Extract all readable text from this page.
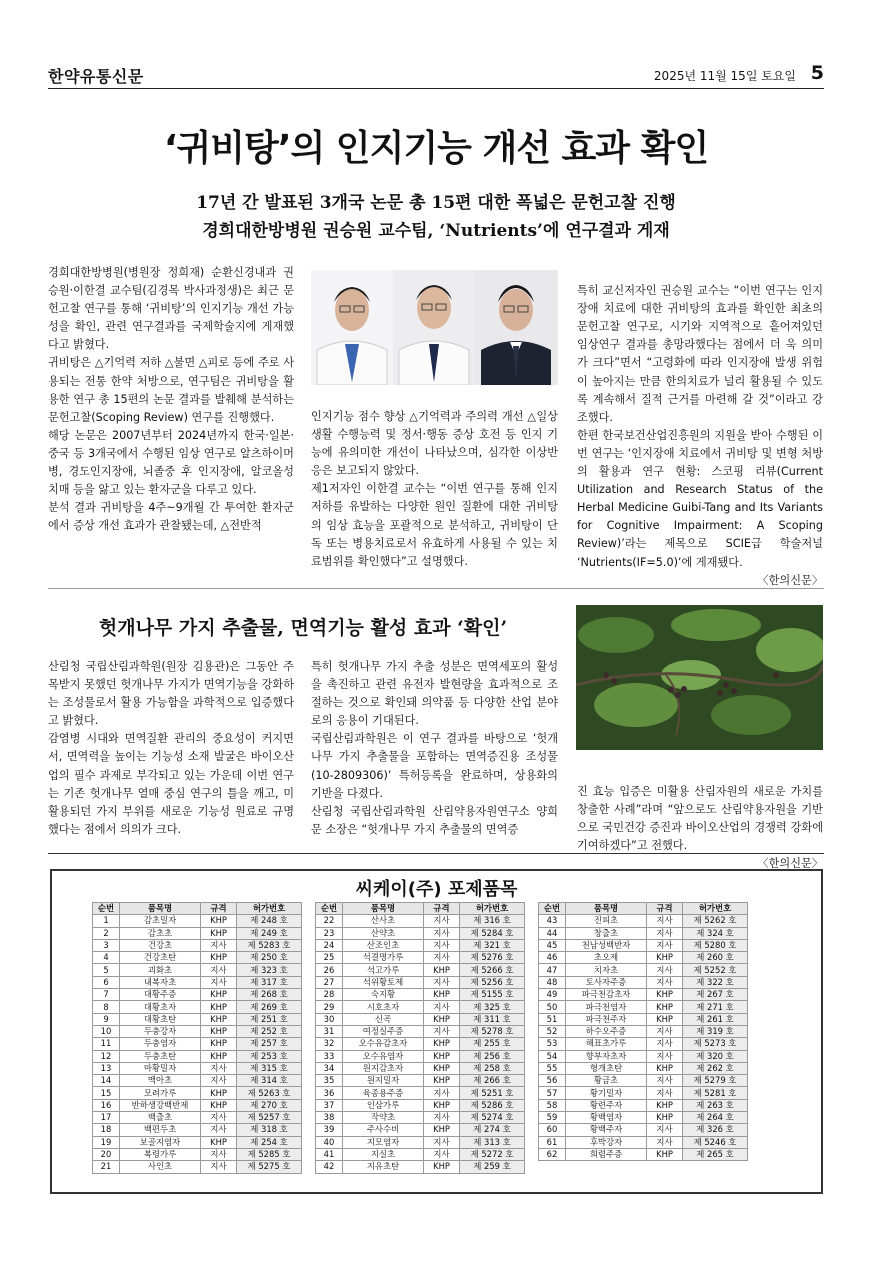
한약유통신문	2025년 11월 15일 토요일 5
‘귀비탕’의 인지기능 개선 효과 확인
17년 간 발표된 3개국 논문 총 15편 대한 폭넓은 문헌고찰 진행
경희대한방병원 권승원 교수팀, ‘Nutrients’에 연구결과 게재
경희대한방병원(병원장 정희재) 순환신경내과 권승원·이한결 교수팀(김경목 박사과정생)은 최근 문헌고찰 연구를 통해 ‘귀비탕’의 인지기능 개선 가능성을 확인, 관련 연구결과를 국제학술지에 게재했다고 밝혔다.
귀비탕은 △기억력 저하 △불면 △피로 등에 주로 사용되는 전통 한약 처방으로, 연구팀은 귀비탕을 활용한 연구 총 15편의 논문 결과를 발췌해 분석하는 문헌고찰(Scoping Review) 연구를 진행했다.
해당 논문은 2007년부터 2024년까지 한국·일본·중국 등 3개국에서 수행된 임상 연구로 알츠하이머병, 경도인지장애, 뇌졸중 후 인지장애, 알코올성 치매 등을 앓고 있는 환자군을 다루고 있다.
분석 결과 귀비탕을 4주~9개월 간 투여한 환자군에서 증상 개선 효과가 관찰됐는데, △전반적
인지기능 점수 향상 △기억력과 주의력 개선 △일상생활 수행능력 및 정서·행동 증상 호전 등 인지 기능에 유의미한 개선이 나타났으며, 심각한 이상반응은 보고되지 않았다.
제1저자인 이한결 교수는 “이번 연구를 통해 인지 저하를 유발하는 다양한 원인 질환에 대한 귀비탕의 임상 효능을 포괄적으로 분석하고, 귀비탕이 단독 또는 병용치료로서 유효하게 사용될 수 있는 치료범위를 확인했다”고 설명했다.

특히 교신저자인 권승원 교수는 “이번 연구는 인지장애 치료에 대한 귀비탕의 효과를 확인한 최초의 문헌고찰 연구로, 시기와 지역적으로 흩어져있던 임상연구 결과를 총망라했다는 점에서 더 욱 의미가 크다”면서 “고령화에 따라 인지장애 발생 위험이 높아지는 만큼 한의치료가 널리 활용될 수 있도록 계속해서 질적 근거를 마련해 갈 것”이라고 강조했다.
한편 한국보건산업진흥원의 지원을 받아 수행된 이번 연구는 ‘인지장애 치료에서 귀비탕 및 변형 처방의 활용과 연구 현황: 스코핑 리뷰(Current Utilization and Research Status of the Herbal Medicine Guibi-Tang and Its Variants for Cognitive Impairment: A Scoping Review)’라는 제목으로 SCIE급 학술저널 ‘Nutrients(IF=5.0)’에 게재됐다.

〈한의신문〉

헛개나무 가지 추출물, 면역기능 활성 효과 ‘확인’
산림청 국립산림과학원(원장 김용관)은 그동안 주목받지 못했던 헛개나무 가지가 면역기능을 강화하는 조성물로서 활용 가능함을 과학적으로 입증했다고 밝혔다.
감염병 시대와 면역질환 관리의 중요성이 커지면서, 면역력을 높이는 기능성 소재 발굴은 바이오산업의 필수 과제로 부각되고 있는 가운데 이번 연구는 기존 헛개나무 열매 중심 연구의 틀을 깨고, 미활용되던 가지 부위를 새로운 기능성 원료로 규명했다는 점에서 의의가 크다.
특히 헛개나무 가지 추출 성분은 면역세포의 활성을 촉진하고 관련 유전자 발현량을 효과적으로 조절하는 것으로 확인돼 의약품 등 다양한 산업 분야로의 응용이 기대된다.
국립산림과학원은 이 연구 결과를 바탕으로 ‘헛개나무 가지 추출물을 포함하는 면역증진용 조성물(10-2809306)’ 특허등록을 완료하며, 상용화의 기반을 다졌다.
산림청 국립산림과학원 산림약용자원연구소 양희문 소장은 “헛개나무 가지 추출물의 면역증

진 효능 입증은 미활용 산림자원의 새로운 가치를 창출한 사례”라며 “앞으로도 산림약용자원을 기반으로 국민건강 증진과 바이오산업의 경쟁력 강화에 기여하겠다”고 전했다.

〈한의신문〉

씨케이(주) 포제품목
순번	품목명	규격	허가번호
1	감초밀자	KHP	제 248 호
2	감초초	KHP	제 249 호
3	건강초	지사	제 5283 호
4	건강초탄	KHP	제 250 호
5	괴화초	지사	제 323 호
6	내복자초	지사	제 317 호
7	대황주증	KHP	제 268 호
8	대황초자	KHP	제 269 호
9	대황초탄	KHP	제 251 호
10	두충강자	KHP	제 252 호
11	두충염자	KHP	제 257 호
12	두충초탄	KHP	제 253 호
13	마황밀자	지사	제 315 호
14	맥아초	지사	제 314 호
15	모려가루	KHP	제 5263 호
16	반하생강백반제	KHP	제 270 호
17	백출초	지사	제 5257 호
18	백편두초	지사	제 318 호
19	보골지염자	KHP	제 254 호
20	복령가루	지사	제 5285 호
21	사인초	지사	제 5275 호
순번	품목명	규격	허가번호
22	산사초	지사	제 316 호
23	산약초	지사	제 5284 호
24	산조인초	지사	제 321 호
25	석결명가루	지사	제 5276 호
26	석고가루	KHP	제 5266 호
27	석위황토제	지사	제 5256 호
28	숙지황	KHP	제 5155 호
29	시호초자	지사	제 325 호
30	신곡	KHP	제 311 호
31	여정실주증	지사	제 5278 호
32	오수유감초자	KHP	제 255 호
33	오수유염자	KHP	제 256 호
34	원지감초자	KHP	제 258 호
35	원지밀자	KHP	제 266 호
36	육종용주증	지사	제 5251 호
37	인삼가루	KHP	제 5286 호
38	작약초	지사	제 5274 호
39	주사수비	KHP	제 274 호
40	지모염자	지사	제 313 호
41	지실초	지사	제 5272 호
42	지유초탄	KHP	제 259 호
순번	품목명	규격	허가번호
43	진피초	지사	제 5262 호
44	창출초	지사	제 324 호
45	천남성백반자	지사	제 5280 호
46	초오제	KHP	제 260 호
47	치자초	지사	제 5252 호
48	토사자주증	지사	제 322 호
49	파극천감초자	KHP	제 267 호
50	파극천염자	KHP	제 271 호
51	파극천주자	KHP	제 261 호
52	하수오주증	지사	제 319 호
53	해표초가루	지사	제 5273 호
54	향부자초자	지사	제 320 호
55	형개초탄	KHP	제 262 호
56	황금초	지사	제 5279 호
57	황기밀자	지사	제 5281 호
58	황련주자	KHP	제 263 호
59	황백염자	KHP	제 264 호
60	황백주자	지사	제 326 호
61	후박강자	지사	제 5246 호
62	희렴주증	KHP	제 265 호
